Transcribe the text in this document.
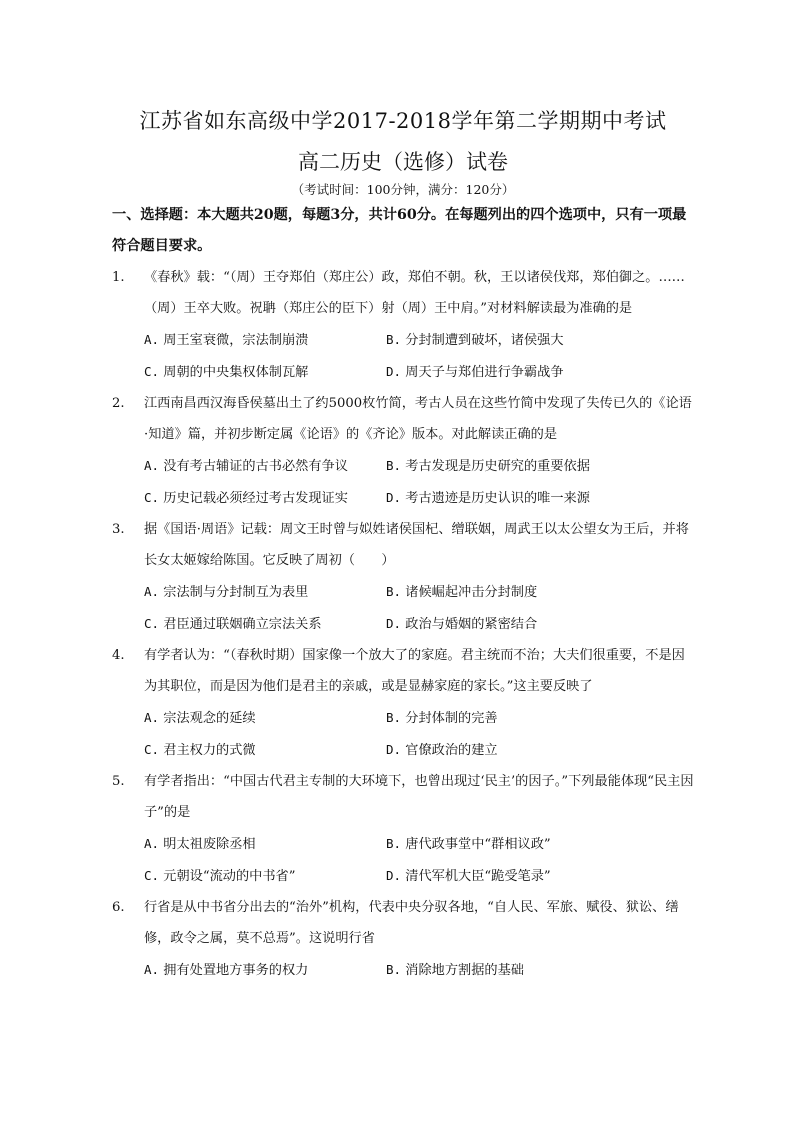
江苏省如东高级中学2017-2018学年第二学期期中考试
高二历史（选修）试卷
（考试时间：100分钟，满分：120分）
一、选择题：本大题共20题，每题3分，共计60分。在每题列出的四个选项中，只有一项最符合题目要求。
1. 《春秋》载：“（周）王夺郑伯（郑庄公）政，郑伯不朝。秋，王以诸侯伐郑，郑伯御之。……（周）王卒大败。祝聃（郑庄公的臣下）射（周）王中肩。”对材料解读最为准确的是
A. 周王室衰微，宗法制崩溃	B. 分封制遭到破坏，诸侯强大
C. 周朝的中央集权体制瓦解	D. 周天子与郑伯进行争霸战争
2. 江西南昌西汉海昏侯墓出土了约5000枚竹简，考古人员在这些竹简中发现了失传已久的《论语·知道》篇，并初步断定属《论语》的《齐论》版本。对此解读正确的是
A. 没有考古辅证的古书必然有争议	B. 考古发现是历史研究的重要依据
C. 历史记载必须经过考古发现证实	D. 考古遗迹是历史认识的唯一来源
3. 据《国语·周语》记载：周文王时曾与姒姓诸侯国杞、缯联姻，周武王以太公望女为王后，并将长女太姬嫁给陈国。它反映了周初（　　）
A. 宗法制与分封制互为表里	B. 诸候崛起冲击分封制度
C. 君臣通过联姻确立宗法关系	D. 政治与婚姻的紧密结合
4. 有学者认为：“（春秋时期）国家像一个放大了的家庭。君主统而不治；大夫们很重要，不是因为其职位，而是因为他们是君主的亲戚，或是显赫家庭的家长。”这主要反映了
A. 宗法观念的延续	B. 分封体制的完善
C. 君主权力的式微	D. 官僚政治的建立
5. 有学者指出：“中国古代君主专制的大环境下，也曾出现过‘民主’的因子。”下列最能体现“民主因子”的是
A. 明太祖废除丞相	B. 唐代政事堂中“群相议政”
C. 元朝设“流动的中书省”	D. 清代军机大臣“跪受笔录”
6. 行省是从中书省分出去的“治外”机构，代表中央分驭各地，“自人民、军旅、赋役、狱讼、缮修，政令之属，莫不总焉”。这说明行省
A. 拥有处置地方事务的权力	B. 消除地方割据的基础
